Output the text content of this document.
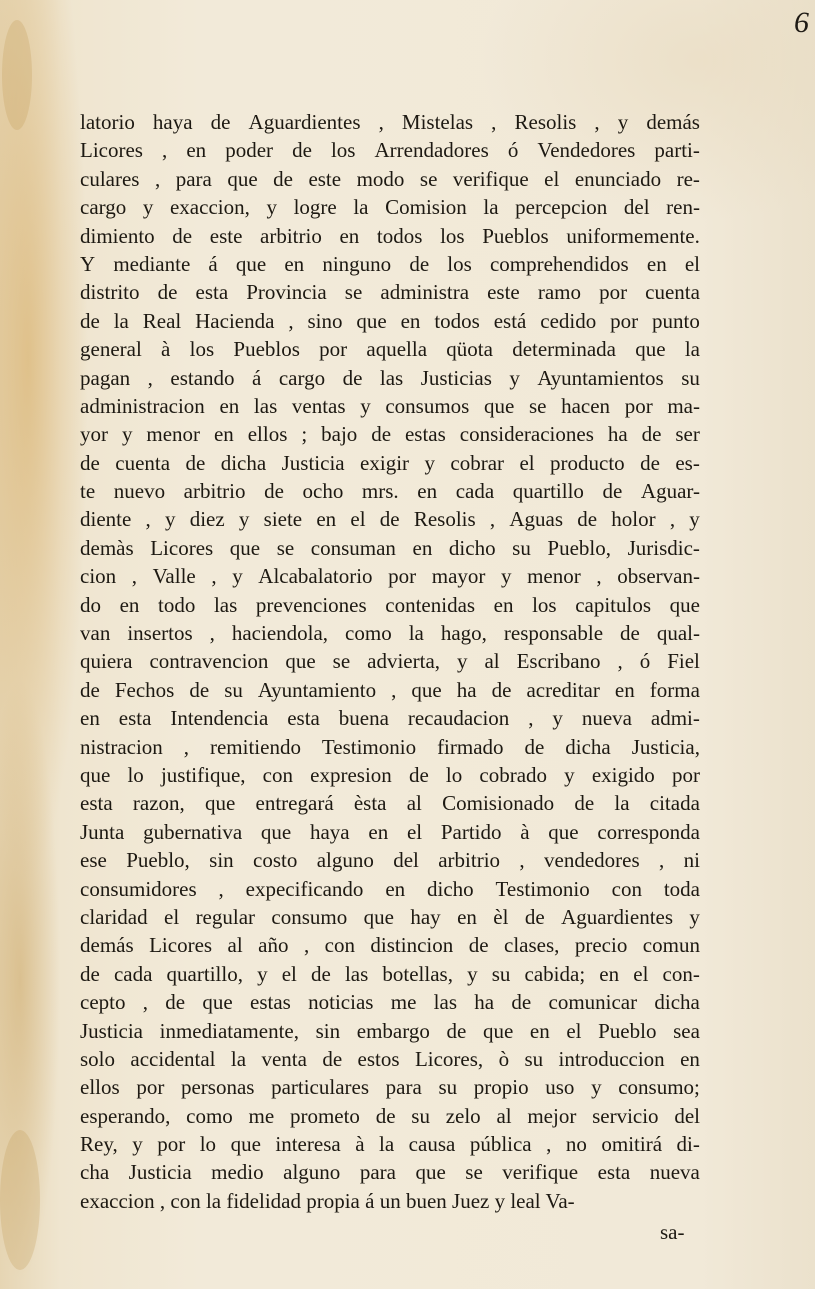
6
latorio haya de Aguardientes , Mistelas , Resolis , y demás
Licores , en poder de los Arrendadores ó Vendedores parti-
culares , para que de este modo se verifique el enunciado re-
cargo y exaccion, y logre la Comision la percepcion del ren-
dimiento de este arbitrio en todos los Pueblos uniformemente.
Y mediante á que en ninguno de los comprehendidos en el
distrito de esta Provincia se administra este ramo por cuenta
de la Real Hacienda , sino que en todos está cedido por punto
general à los Pueblos por aquella qüota determinada que la
pagan , estando á cargo de las Justicias y Ayuntamientos su
administracion en las ventas y consumos que se hacen por ma-
yor y menor en ellos ; bajo de estas consideraciones ha de ser
de cuenta de dicha Justicia exigir y cobrar el producto de es-
te nuevo arbitrio de ocho mrs. en cada quartillo de Aguar-
diente , y diez y siete en el de Resolis , Aguas de holor , y
demàs Licores que se consuman en dicho su Pueblo, Jurisdic-
cion , Valle , y Alcabalatorio por mayor y menor , observan-
do en todo las prevenciones contenidas en los capitulos que
van insertos , haciendola, como la hago, responsable de qual-
quiera contravencion que se advierta, y al Escribano , ó Fiel
de Fechos de su Ayuntamiento , que ha de acreditar en forma
en esta Intendencia esta buena recaudacion , y nueva admi-
nistracion , remitiendo Testimonio firmado de dicha Justicia,
que lo justifique, con expresion de lo cobrado y exigido por
esta razon, que entregará èsta al Comisionado de la citada
Junta gubernativa que haya en el Partido à que corresponda
ese Pueblo, sin costo alguno del arbitrio , vendedores , ni
consumidores , expecificando en dicho Testimonio con toda
claridad el regular consumo que hay en èl de Aguardientes y
demás Licores al año , con distincion de clases, precio comun
de cada quartillo, y el de las botellas, y su cabida; en el con-
cepto , de que estas noticias me las ha de comunicar dicha
Justicia inmediatamente, sin embargo de que en el Pueblo sea
solo accidental la venta de estos Licores, ò su introduccion en
ellos por personas particulares para su propio uso y consumo;
esperando, como me prometo de su zelo al mejor servicio del
Rey, y por lo que interesa à la causa pública , no omitirá di-
cha Justicia medio alguno para que se verifique esta nueva
exaccion , con la fidelidad propia á un buen Juez y leal Va-
sa-
